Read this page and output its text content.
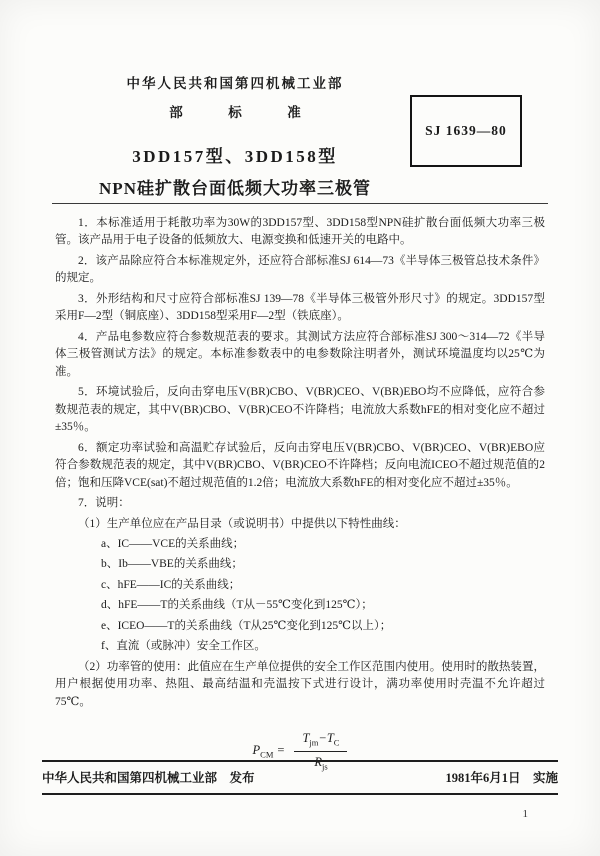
中华人民共和国第四机械工业部
部　标　准
3DD157型、3DD158型
NPN硅扩散台面低频大功率三极管
SJ 1639—80

1．本标准适用于耗散功率为30W的3DD157型、3DD158型NPN硅扩散台面低频大功率三极管。该产品用于电子设备的低频放大、电源变换和低速开关的电路中。

2．该产品除应符合本标准规定外，还应符合部标准SJ 614—73《半导体三极管总技术条件》的规定。

3．外形结构和尺寸应符合部标准SJ 139—78《半导体三极管外形尺寸》的规定。3DD157型采用F—2型（铜底座）、3DD158型采用F—2型（铁底座）。

4．产品电参数应符合参数规范表的要求。其测试方法应符合部标准SJ 300～314—72《半导体三极管测试方法》的规定。本标准参数表中的电参数除注明者外，测试环境温度均以25℃为准。

5．环境试验后，反向击穿电压V(BR)CBO、V(BR)CEO、V(BR)EBO均不应降低，应符合参数规范表的规定，其中V(BR)CBO、V(BR)CEO不许降档；电流放大系数hFE的相对变化应不超过±35％。

6．额定功率试验和高温贮存试验后，反向击穿电压V(BR)CBO、V(BR)CEO、V(BR)EBO应符合参数规范表的规定，其中V(BR)CBO、V(BR)CEO不许降档；反向电流ICEO不超过规范值的2倍；饱和压降VCE(sat)不超过规范值的1.2倍；电流放大系数hFE的相对变化应不超过±35％。

7．说明：

（1）生产单位应在产品目录（或说明书）中提供以下特性曲线：

a、IC——VCE的关系曲线；

b、Ib——VBE的关系曲线；

c、hFE——IC的关系曲线；

d、hFE——T的关系曲线（T从－55℃变化到125℃）；

e、ICEO——T的关系曲线（T从25℃变化到125℃以上）；

f、直流（或脉冲）安全工作区。

（2）功率管的使用：此值应在生产单位提供的安全工作区范围内使用。使用时的散热装置，用户根据使用功率、热阻、最高结温和壳温按下式进行设计，满功率使用时壳温不允许超过75℃。

$P_{CM} = \frac{T_{jm}-T_C}{R_{js}}$
中华人民共和国第四机械工业部 发布	1981年6月1日 实施
1
